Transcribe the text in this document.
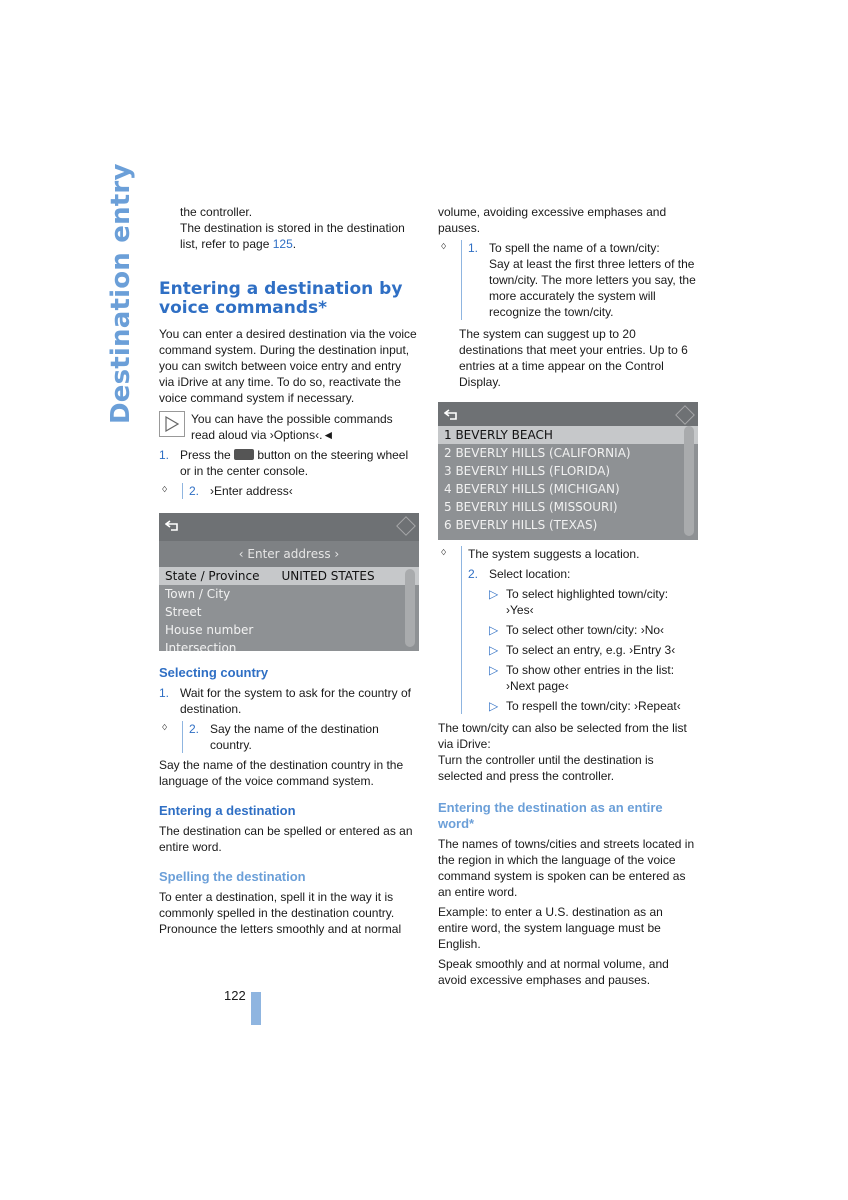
Destination entry	the controller.

The destination is stored in the destination list, refer to page 125.

Entering a destination by voice commands*

You can enter a desired destination via the voice command system. During the destination input, you can switch between voice entry and entry via iDrive at any time. To do so, reactivate the voice command system if necessary.

You can have the possible commands read aloud via ›Options‹.◄
1. Press the  button on the steering wheel or in the center console.
♢ 2. ›Enter address‹
‹ Enter address ›
State / Province UNITED STATES
Town / City
Street
House number
Intersection
Selecting country
1. Wait for the system to ask for the country of destination.
♢ 2. Say the name of the destination country.

Say the name of the destination country in the language of the voice command system.

Entering a destination

The destination can be spelled or entered as an entire word.

Spelling the destination

To enter a destination, spell it in the way it is commonly spelled in the destination country. Pronounce the letters smoothly and at normal

volume, avoiding excessive emphases and pauses.

♢ 1. To spell the name of a town/city:
Say at least the first three letters of the town/city. The more letters you say, the more accurately the system will recognize the town/city.

The system can suggest up to 20 destinations that meet your entries. Up to 6 entries at a time appear on the Control Display.

1 BEVERLY BEACH
2 BEVERLY HILLS (CALIFORNIA)
3 BEVERLY HILLS (FLORIDA)
4 BEVERLY HILLS (MICHIGAN)
5 BEVERLY HILLS (MISSOURI)
6 BEVERLY HILLS (TEXAS)
♢ The system suggests a location.

2. Select location:
▷ To select highlighted town/city: ›Yes‹
▷ To select other town/city: ›No‹
▷ To select an entry, e.g. ›Entry 3‹
▷ To show other entries in the list: ›Next page‹
▷ To respell the town/city: ›Repeat‹

The town/city can also be selected from the list via iDrive:

Turn the controller until the destination is selected and press the controller.

Entering the destination as an entire word*

The names of towns/cities and streets located in the region in which the language of the voice command system is spoken can be entered as an entire word.

Example: to enter a U.S. destination as an entire word, the system language must be English.

Speak smoothly and at normal volume, and avoid excessive emphases and pauses.

122
